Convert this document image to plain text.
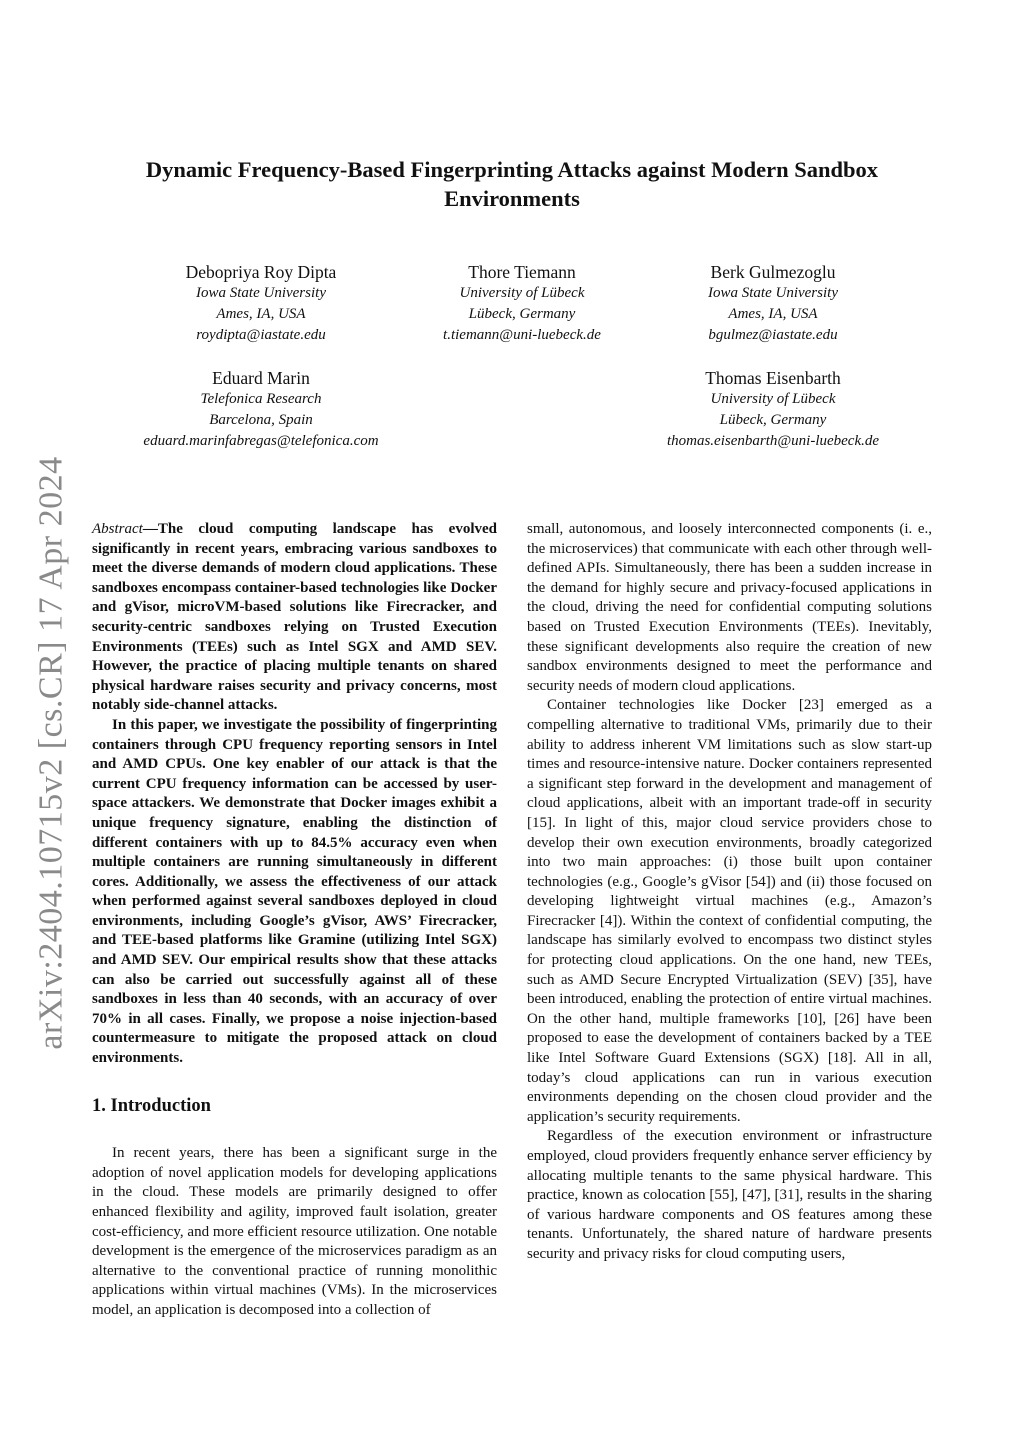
arXiv:2404.10715v2 [cs.CR] 17 Apr 2024
Dynamic Frequency-Based Fingerprinting Attacks against Modern Sandbox Environments
Debopriya Roy Dipta
Iowa State University
Ames, IA, USA
roydipta@iastate.edu
Thore Tiemann
University of Lübeck
Lübeck, Germany
t.tiemann@uni-luebeck.de
Berk Gulmezoglu
Iowa State University
Ames, IA, USA
bgulmez@iastate.edu
Eduard Marin
Telefonica Research
Barcelona, Spain
eduard.marinfabregas@telefonica.com
Thomas Eisenbarth
University of Lübeck
Lübeck, Germany
thomas.eisenbarth@uni-luebeck.de

Abstract—The cloud computing landscape has evolved significantly in recent years, embracing various sandboxes to meet the diverse demands of modern cloud applications. These sandboxes encompass container-based technologies like Docker and gVisor, microVM-based solutions like Firecracker, and security-centric sandboxes relying on Trusted Execution Environments (TEEs) such as Intel SGX and AMD SEV. However, the practice of placing multiple tenants on shared physical hardware raises security and privacy concerns, most notably side-channel attacks.

In this paper, we investigate the possibility of fingerprinting containers through CPU frequency reporting sensors in Intel and AMD CPUs. One key enabler of our attack is that the current CPU frequency information can be accessed by user-space attackers. We demonstrate that Docker images exhibit a unique frequency signature, enabling the distinction of different containers with up to 84.5% accuracy even when multiple containers are running simultaneously in different cores. Additionally, we assess the effectiveness of our attack when performed against several sandboxes deployed in cloud environments, including Google’s gVisor, AWS’ Firecracker, and TEE-based platforms like Gramine (utilizing Intel SGX) and AMD SEV. Our empirical results show that these attacks can also be carried out successfully against all of these sandboxes in less than 40 seconds, with an accuracy of over 70% in all cases. Finally, we propose a noise injection-based countermeasure to mitigate the proposed attack on cloud environments.

1. Introduction

In recent years, there has been a significant surge in the adoption of novel application models for developing applications in the cloud. These models are primarily designed to offer enhanced flexibility and agility, improved fault isolation, greater cost-efficiency, and more efficient resource utilization. One notable development is the emergence of the microservices paradigm as an alternative to the conventional practice of running monolithic applications within virtual machines (VMs). In the microservices model, an application is decomposed into a collection of

small, autonomous, and loosely interconnected components (i. e., the microservices) that communicate with each other through well-defined APIs. Simultaneously, there has been a sudden increase in the demand for highly secure and privacy-focused applications in the cloud, driving the need for confidential computing solutions based on Trusted Execution Environments (TEEs). Inevitably, these significant developments also require the creation of new sandbox environments designed to meet the performance and security needs of modern cloud applications.

Container technologies like Docker [23] emerged as a compelling alternative to traditional VMs, primarily due to their ability to address inherent VM limitations such as slow start-up times and resource-intensive nature. Docker containers represented a significant step forward in the development and management of cloud applications, albeit with an important trade-off in security [15]. In light of this, major cloud service providers chose to develop their own execution environments, broadly categorized into two main approaches: (i) those built upon container technologies (e.g., Google’s gVisor [54]) and (ii) those focused on developing lightweight virtual machines (e.g., Amazon’s Firecracker [4]). Within the context of confidential computing, the landscape has similarly evolved to encompass two distinct styles for protecting cloud applications. On the one hand, new TEEs, such as AMD Secure Encrypted Virtualization (SEV) [35], have been introduced, enabling the protection of entire virtual machines. On the other hand, multiple frameworks [10], [26] have been proposed to ease the development of containers backed by a TEE like Intel Software Guard Extensions (SGX) [18]. All in all, today’s cloud applications can run in various execution environments depending on the chosen cloud provider and the application’s security requirements.

Regardless of the execution environment or infrastructure employed, cloud providers frequently enhance server efficiency by allocating multiple tenants to the same physical hardware. This practice, known as colocation [55], [47], [31], results in the sharing of various hardware components and OS features among these tenants. Unfortunately, the shared nature of hardware presents security and privacy risks for cloud computing users,
